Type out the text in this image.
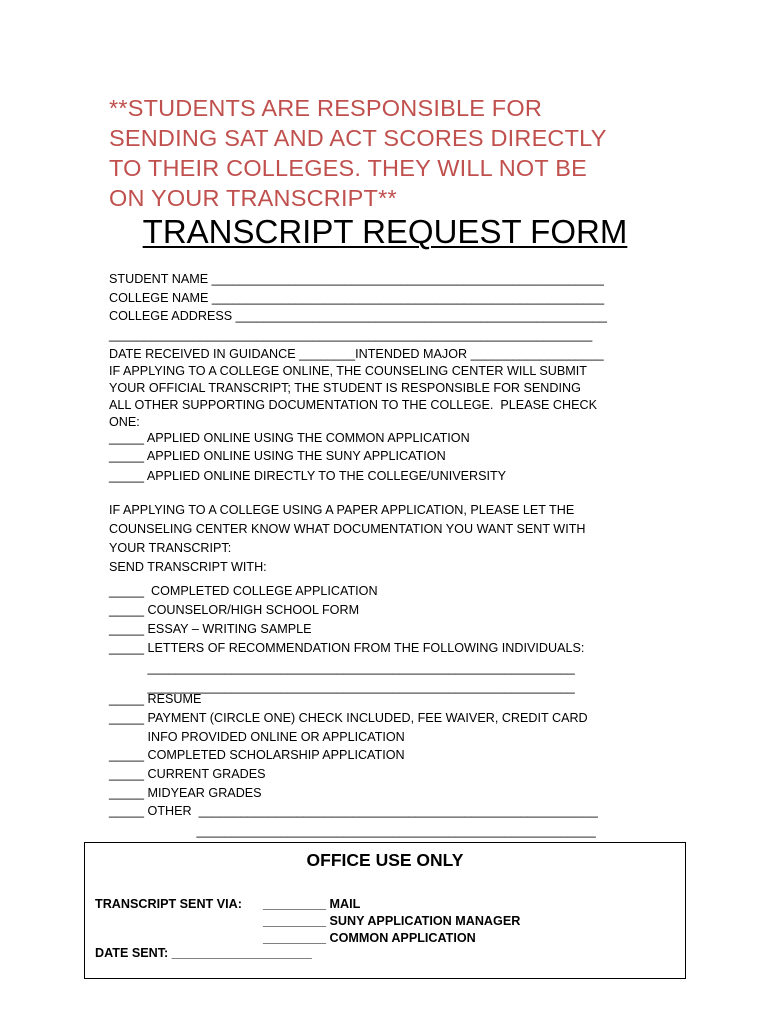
**STUDENTS ARE RESPONSIBLE FOR
SENDING SAT AND ACT SCORES DIRECTLY
TO THEIR COLLEGES. THEY WILL NOT BE
ON YOUR TRANSCRIPT**
TRANSCRIPT REQUEST FORM
STUDENT NAME ________________________________________________________
COLLEGE NAME ________________________________________________________
COLLEGE ADDRESS _____________________________________________________
_____________________________________________________________________
DATE RECEIVED IN GUIDANCE ________INTENDED MAJOR ___________________
IF APPLYING TO A COLLEGE ONLINE, THE COUNSELING CENTER WILL SUBMIT
YOUR OFFICIAL TRANSCRIPT; THE STUDENT IS RESPONSIBLE FOR SENDING
ALL OTHER SUPPORTING DOCUMENTATION TO THE COLLEGE.  PLEASE CHECK
ONE:
_____ APPLIED ONLINE USING THE COMMON APPLICATION
_____ APPLIED ONLINE USING THE SUNY APPLICATION
_____ APPLIED ONLINE DIRECTLY TO THE COLLEGE/UNIVERSITY
IF APPLYING TO A COLLEGE USING A PAPER APPLICATION, PLEASE LET THE
COUNSELING CENTER KNOW WHAT DOCUMENTATION YOU WANT SENT WITH
YOUR TRANSCRIPT:
SEND TRANSCRIPT WITH:
_____  COMPLETED COLLEGE APPLICATION
_____ COUNSELOR/HIGH SCHOOL FORM
_____ ESSAY – WRITING SAMPLE
_____ LETTERS OF RECOMMENDATION FROM THE FOLLOWING INDIVIDUALS:
_____________________________________________________________
_____________________________________________________________
_____ RESUME
_____ PAYMENT (CIRCLE ONE) CHECK INCLUDED, FEE WAIVER, CREDIT CARD
INFO PROVIDED ONLINE OR APPLICATION
_____ COMPLETED SCHOLARSHIP APPLICATION
_____ CURRENT GRADES
_____ MIDYEAR GRADES
_____ OTHER  _________________________________________________________
_________________________________________________________
OFFICE USE ONLY
TRANSCRIPT SENT VIA: _________ MAIL
_________ SUNY APPLICATION MANAGER
_________ COMMON APPLICATION
DATE SENT: ____________________
